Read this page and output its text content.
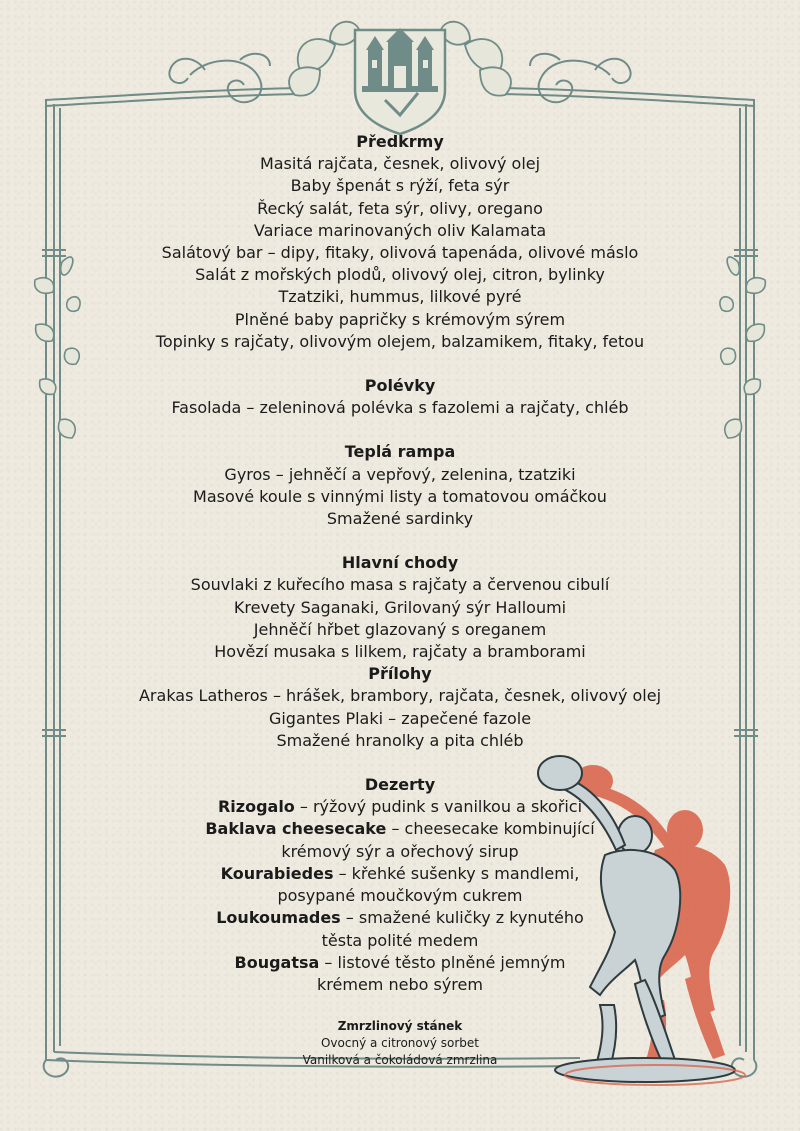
Předkrmy
Masitá rajčata, česnek, olivový olej
Baby špenát s rýží, feta sýr
Řecký salát, feta sýr, olivy, oregano
Variace marinovaných oliv Kalamata
Salátový bar – dipy, fitaky, olivová tapenáda, olivové máslo
Salát z mořských plodů, olivový olej, citron, bylinky
Tzatziki, hummus, lilkové pyré
Plněné baby papričky s krémovým sýrem
Topinky s rajčaty, olivovým olejem, balzamikem, fitaky, fetou
Polévky
Fasolada – zeleninová polévka s fazolemi a rajčaty, chléb
Teplá rampa
Gyros – jehněčí a vepřový, zelenina, tzatziki
Masové koule s vinnými listy a tomatovou omáčkou
Smažené sardinky
Hlavní chody
Souvlaki z kuřecího masa s rajčaty a červenou cibulí
Krevety Saganaki, Grilovaný sýr Halloumi
Jehněčí hřbet glazovaný s oreganem
Hovězí musaka s lilkem, rajčaty a bramborami
Přílohy
Arakas Latheros – hrášek, brambory, rajčata, česnek, olivový olej
Gigantes Plaki – zapečené fazole
Smažené hranolky a pita chléb
Dezerty
Rizogalo – rýžový pudink s vanilkou a skořicí
Baklava cheesecake – cheesecake kombinující
krémový sýr a ořechový sirup
Kourabiedes – křehké sušenky s mandlemi,
posypané moučkovým cukrem
Loukoumades – smažené kuličky z kynutého
těsta polité medem
Bougatsa – listové těsto plněné jemným
krémem nebo sýrem
Zmrzlinový stánek
Ovocný a citronový sorbet
Vanilková a čokoládová zmrzlina
